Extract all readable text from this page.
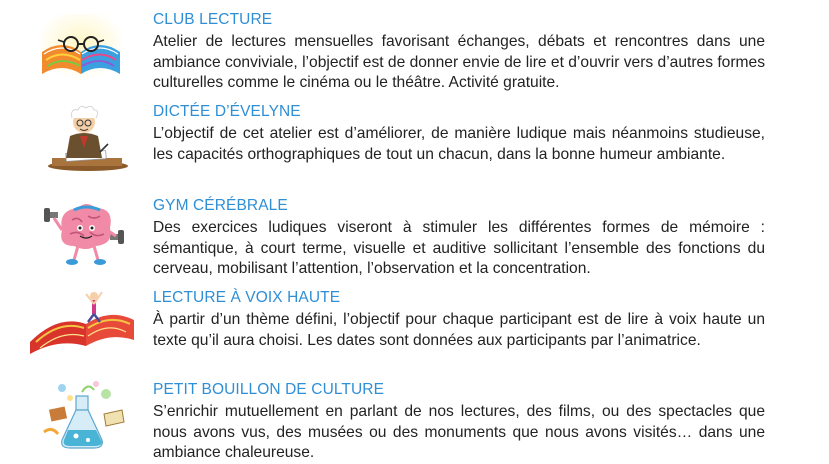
CLUB LECTURE

Atelier de lectures mensuelles favorisant échanges, débats et rencontres dans une ambiance conviviale, l’objectif est de donner envie de lire et d’ouvrir vers d’autres formes culturelles comme le cinéma ou le théâtre. Activité gratuite.

DICTÉE D’ÉVELYNE

L’objectif de cet atelier est d’améliorer, de manière ludique mais néanmoins studieuse, les capacités orthographiques de tout un chacun, dans la bonne humeur ambiante.

GYM CÉRÉBRALE

Des exercices ludiques viseront à stimuler les différentes formes de mémoire : sémantique, à court terme, visuelle et auditive sollicitant l’ensemble des fonctions du cerveau, mobilisant l’attention, l’observation et la concentration.

LECTURE À VOIX HAUTE

À partir d’un thème défini, l’objectif pour chaque participant est de lire à voix haute un texte qu’il aura choisi. Les dates sont données aux participants par l’animatrice.

PETIT BOUILLON DE CULTURE

S’enrichir mutuellement en parlant de nos lectures, des films, ou des spectacles que nous avons vus, des musées ou des monuments que nous avons visités… dans une ambiance chaleureuse.
